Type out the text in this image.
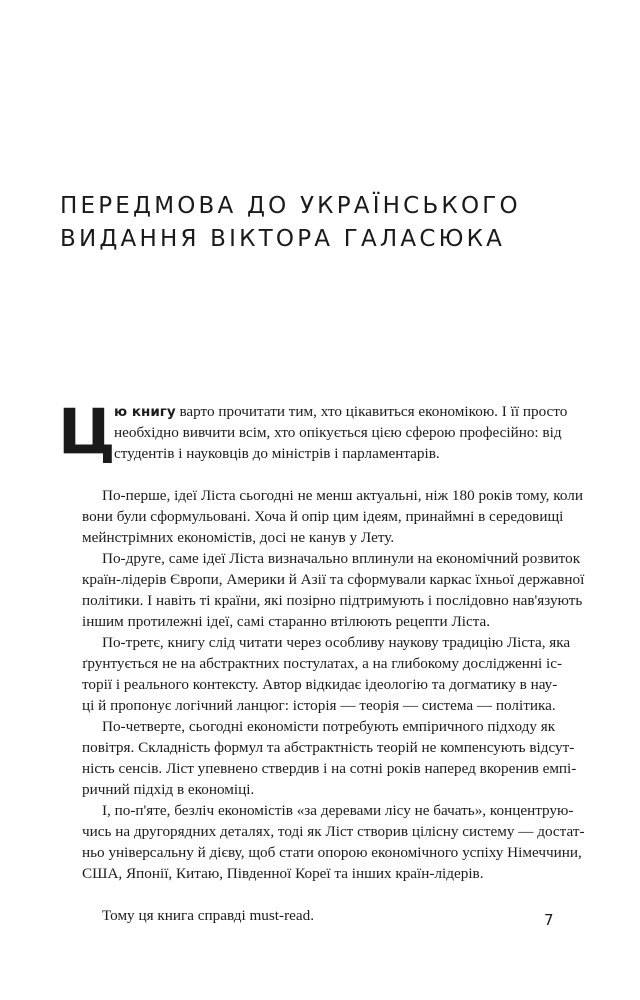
ПЕРЕДМОВА ДО УКРАЇНСЬКОГО
ВИДАННЯ ВІКТОРА ГАЛАСЮКА
Ц
ю книгу варто прочитати тим, хто цікавиться економікою. І її просто
необхідно вивчити всім, хто опікується цією сферою професійно: від
студентів і науковців до міністрів і парламентарів.
По-перше, ідеї Ліста сьогодні не менш актуальні, ніж 180 років тому, коли
вони були сформульовані. Хоча й опір цим ідеям, принаймні в середовищі
мейнстрімних економістів, досі не канув у Лету.
По-друге, саме ідеї Ліста визначально вплинули на економічний розвиток
країн-лідерів Європи, Америки й Азії та сформували каркас їхньої державної
політики. І навіть ті країни, які позірно підтримують і послідовно нав'язують
іншим протилежні ідеї, самі старанно втілюють рецепти Ліста.
По-третє, книгу слід читати через особливу наукову традицію Ліста, яка
ґрунтується не на абстрактних постулатах, а на глибокому дослідженні іс-
торії і реального контексту. Автор відкидає ідеологію та догматику в нау-
ці й пропонує логічний ланцюг: історія — теорія — система — політика.
По-четверте, сьогодні економісти потребують емпіричного підходу як
повітря. Складність формул та абстрактність теорій не компенсують відсут-
ність сенсів. Ліст упевнено ствердив і на сотні років наперед вкоренив емпі-
ричний підхід в економіці.
І, по-п'яте, безліч економістів «за деревами лісу не бачать», концентрую-
чись на другорядних деталях, тоді як Ліст створив цілісну систему — достат-
ньо універсальну й дієву, щоб стати опорою економічного успіху Німеччини,
США, Японії, Китаю, Південної Кореї та інших країн-лідерів.
Тому ця книга справді must-read.	7
